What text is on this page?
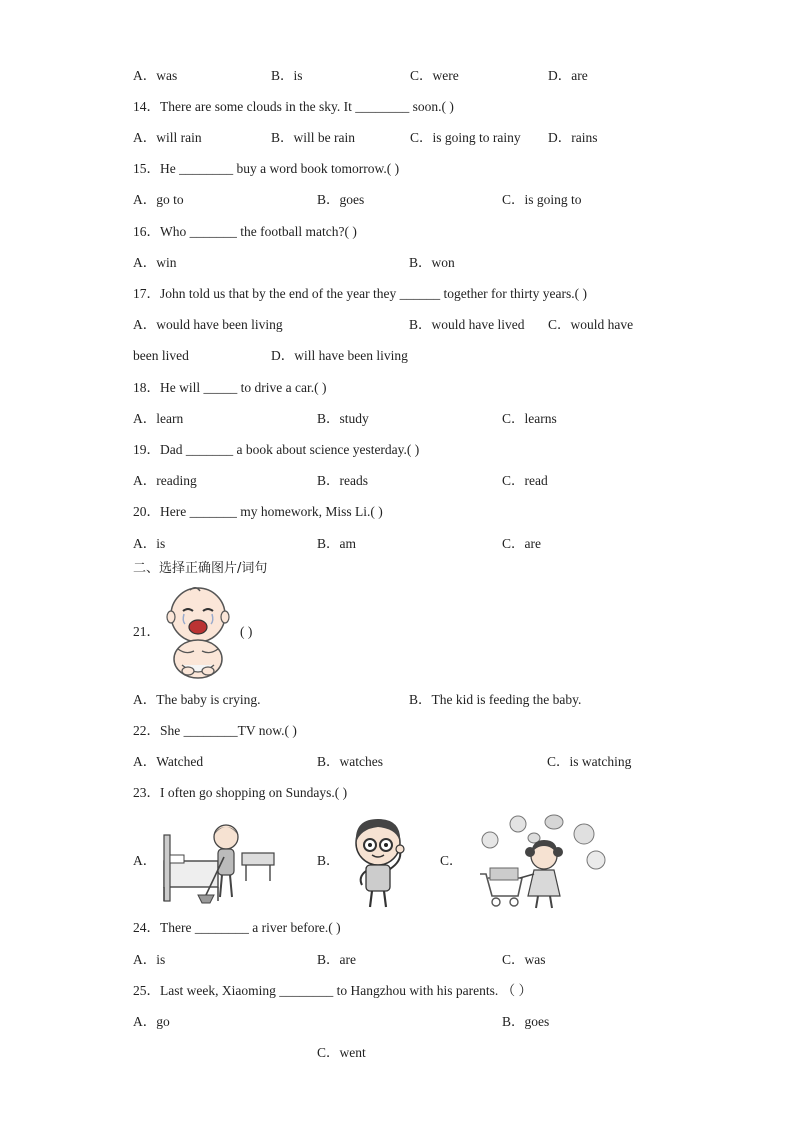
A．was	B．is	C．were	D．are
14．There are some clouds in the sky. It ________ soon.( )
A．will rain	B．will be rain	C．is going to rainy D．rains
15．He ________ buy a word book tomorrow.( )
A．go to	B．goes	C．is going to
16．Who _______ the football match?( )
A．win	B．won
17．John told us that by the end of the year they ______ together for thirty years.( )
A．would have been living	B．would have lived C．would have
been lived	D．will have been living
18．He will _____ to drive a car.( )
A．learn	B．study	C．learns
19．Dad _______ a book about science yesterday.( )
A．reading	B．reads	C．read
20．Here _______ my homework, Miss Li.( )
A．is	B．am	C．are
二、选择正确图片/词句
21．	( )
A．The baby is crying.	B．The kid is feeding the baby.
22．She ________TV now.( )
A．Watched	B．watches	C．is watching
23．I often go shopping on Sundays.( )
A．	B．	C．
24．There ________ a river before.( )
A．is	B．are	C．was
25．Last week, Xiaoming ________ to Hangzhou with his parents. （ ）
A．go	B．goes
C．went
